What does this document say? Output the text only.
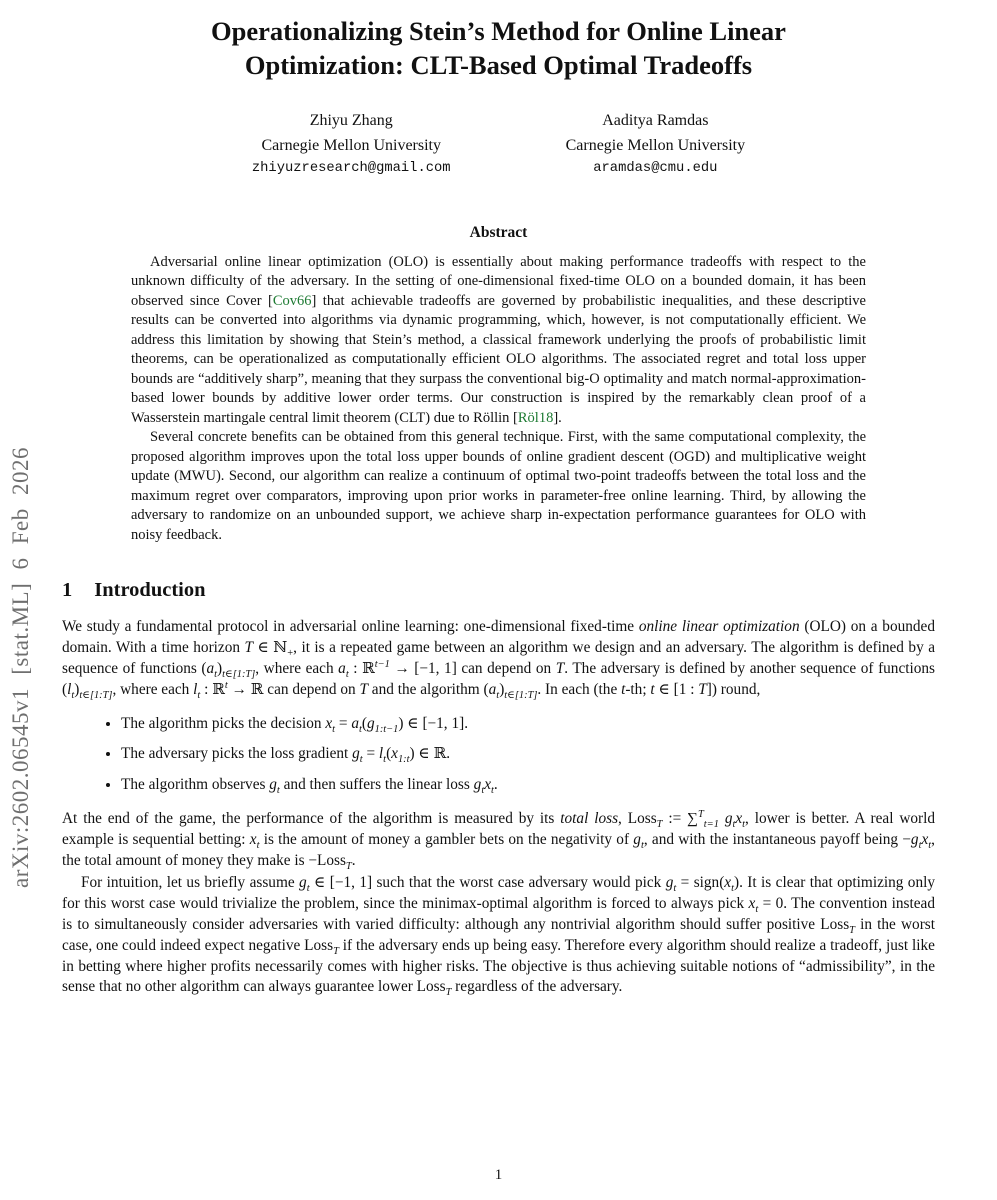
arXiv:2602.06545v1 [stat.ML] 6 Feb 2026
Operationalizing Stein’s Method for Online Linear
Optimization: CLT-Based Optimal Tradeoffs
Zhiyu Zhang
Carnegie Mellon University
zhiyuzresearch@gmail.com
Aaditya Ramdas
Carnegie Mellon University
aramdas@cmu.edu
Abstract

Adversarial online linear optimization (OLO) is essentially about making performance tradeoffs with respect to the unknown difficulty of the adversary. In the setting of one-dimensional fixed-time OLO on a bounded domain, it has been observed since Cover [Cov66] that achievable tradeoffs are governed by probabilistic inequalities, and these descriptive results can be converted into algorithms via dynamic programming, which, however, is not computationally efficient. We address this limitation by showing that Stein’s method, a classical framework underlying the proofs of probabilistic limit theorems, can be operationalized as computationally efficient OLO algorithms. The associated regret and total loss upper bounds are “additively sharp”, meaning that they surpass the conventional big-O optimality and match normal-approximation-based lower bounds by additive lower order terms. Our construction is inspired by the remarkably clean proof of a Wasserstein martingale central limit theorem (CLT) due to Röllin [Röl18].

Several concrete benefits can be obtained from this general technique. First, with the same computational complexity, the proposed algorithm improves upon the total loss upper bounds of online gradient descent (OGD) and multiplicative weight update (MWU). Second, our algorithm can realize a continuum of optimal two-point tradeoffs between the total loss and the maximum regret over comparators, improving upon prior works in parameter-free online learning. Third, by allowing the adversary to randomize on an unbounded support, we achieve sharp in-expectation performance guarantees for OLO with noisy feedback.

1 Introduction

We study a fundamental protocol in adversarial online learning: one-dimensional fixed-time online linear optimization (OLO) on a bounded domain. With a time horizon T ∈ ℕ$_+$, it is a repeated game between an algorithm we design and an adversary. The algorithm is defined by a sequence of functions $(a_t)_{t\in[1:T]}$, where each $a_t$ : ℝ$^{t-1}$ → [−1, 1] can depend on T. The adversary is defined by another sequence of functions $(l_t)_{t\in[1:T]}$, where each $l_t$ : ℝ$^t$ → ℝ can depend on T and the algorithm $(a_t)_{t\in[1:T]}$. In each (the t-th; t ∈ [1 : T]) round,

• The algorithm picks the decision $x_t = a_t(g_{1:t-1})$ ∈ [−1, 1].
• The adversary picks the loss gradient $g_t = l_t(x_{1:t})$ ∈ ℝ.
• The algorithm observes $g_t$ and then suffers the linear loss $g_tx_t$.

At the end of the game, the performance of the algorithm is measured by its total loss, Loss$_T$ := ∑$^T_{t=1}$ $g_tx_t$, lower is better. A real world example is sequential betting: $x_t$ is the amount of money a gambler bets on the negativity of $g_t$, and with the instantaneous payoff being $-g_tx_t$, the total amount of money they make is −Loss$_T$.

For intuition, let us briefly assume $g_t$ ∈ [−1, 1] such that the worst case adversary would pick $g_t$ = $sign(x_t)$. It is clear that optimizing only for this worst case would trivialize the problem, since the minimax-optimal algorithm is forced to always pick $x_t = 0$. The convention instead is to simultaneously consider adversaries with varied difficulty: although any nontrivial algorithm should suffer positive Loss$_T$ in the worst case, one could indeed expect negative Loss$_T$ if the adversary ends up being easy. Therefore every algorithm should realize a tradeoff, just like in betting where higher profits necessarily comes with higher risks. The objective is thus achieving suitable notions of “admissibility”, in the sense that no other algorithm can always guarantee lower Loss$_T$ regardless of the adversary.

1
